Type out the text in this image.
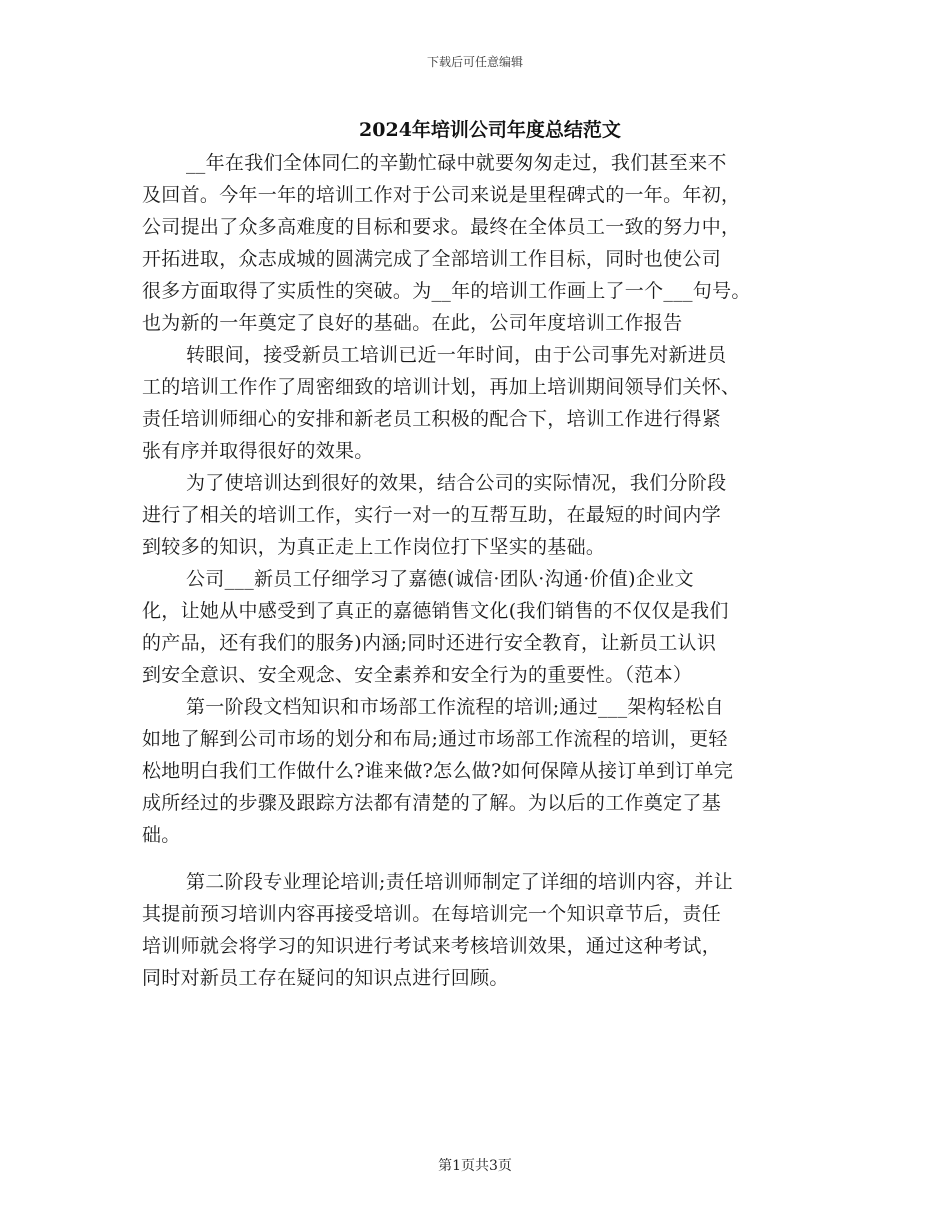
下载后可任意编辑
2024年培训公司年度总结范文
__年在我们全体同仁的辛勤忙碌中就要匆匆走过，我们甚至来不
及回首。今年一年的培训工作对于公司来说是里程碑式的一年。年初，
公司提出了众多高难度的目标和要求。最终在全体员工一致的努力中，
开拓进取，众志成城的圆满完成了全部培训工作目标，同时也使公司
很多方面取得了实质性的突破。为__年的培训工作画上了一个___句号。
也为新的一年奠定了良好的基础。在此，公司年度培训工作报告
转眼间，接受新员工培训已近一年时间，由于公司事先对新进员
工的培训工作作了周密细致的培训计划，再加上培训期间领导们关怀、
责任培训师细心的安排和新老员工积极的配合下，培训工作进行得紧
张有序并取得很好的效果。
为了使培训达到很好的效果，结合公司的实际情况，我们分阶段
进行了相关的培训工作，实行一对一的互帮互助，在最短的时间内学
到较多的知识，为真正走上工作岗位打下坚实的基础。
公司___新员工仔细学习了嘉德(诚信·团队·沟通·价值)企业文
化，让她从中感受到了真正的嘉德销售文化(我们销售的不仅仅是我们
的产品，还有我们的服务)内涵;同时还进行安全教育，让新员工认识
到安全意识、安全观念、安全素养和安全行为的重要性。（范本）
第一阶段文档知识和市场部工作流程的培训;通过___架构轻松自
如地了解到公司市场的划分和布局;通过市场部工作流程的培训，更轻
松地明白我们工作做什么?谁来做?怎么做?如何保障从接订单到订单完
成所经过的步骤及跟踪方法都有清楚的了解。为以后的工作奠定了基
础。
第二阶段专业理论培训;责任培训师制定了详细的培训内容，并让
其提前预习培训内容再接受培训。在每培训完一个知识章节后，责任
培训师就会将学习的知识进行考试来考核培训效果，通过这种考试，
同时对新员工存在疑问的知识点进行回顾。
第1页共3页
